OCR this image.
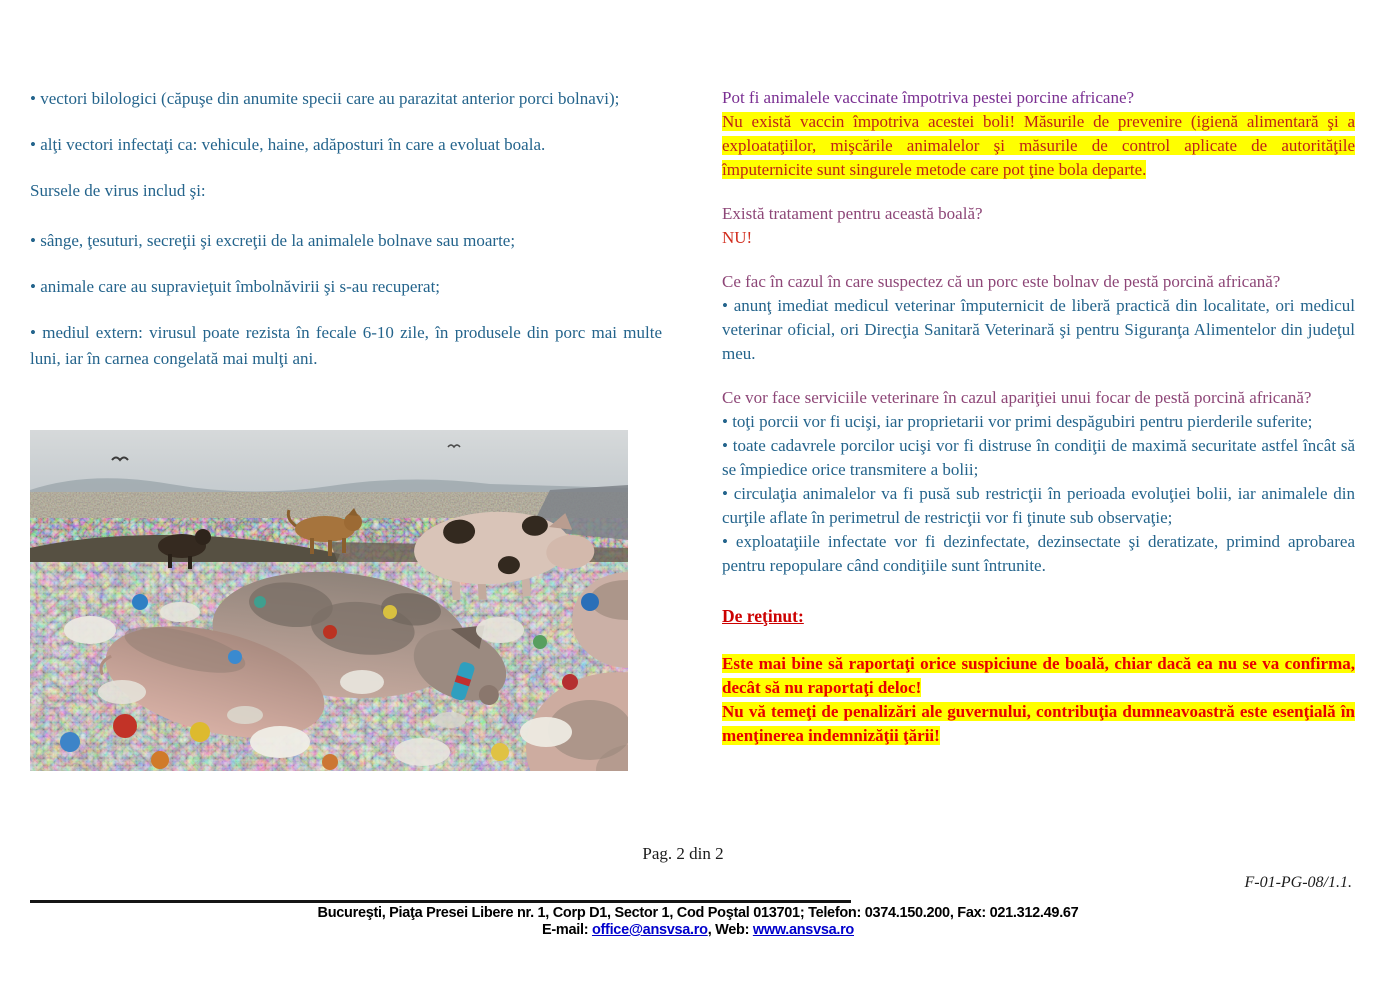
• vectori bilologici (căpuşe din anumite specii care au parazitat anterior porci bolnavi);

• alţi vectori infectaţi ca: vehicule, haine, adăposturi în care a evoluat boala.

Sursele de virus includ şi:

• sânge, ţesuturi, secreţii şi excreţii de la animalele bolnave sau moarte;

• animale care au supravieţuit îmbolnăvirii şi s-au recuperat;

• mediul extern: virusul poate rezista în fecale 6-10 zile, în produsele din porc mai multe luni, iar în carnea congelată mai mulţi ani.

Pot fi animalele vaccinate împotriva pestei porcine africane?

Nu există vaccin împotriva acestei boli! Măsurile de prevenire (igienă alimentară şi a exploataţiilor, mişcările animalelor şi măsurile de control aplicate de autorităţile împuternicite sunt singurele metode care pot ţine bola departe.

Există tratament pentru această boală?

NU!

Ce fac în cazul în care suspectez că un porc este bolnav de pestă porcină africană?

• anunţ imediat medicul veterinar împuternicit de liberă practică din localitate, ori medicul veterinar oficial, ori Direcţia Sanitară Veterinară şi pentru Siguranţa Alimentelor din judeţul meu.

Ce vor face serviciile veterinare în cazul apariţiei unui focar de pestă porcină africană?

• toţi porcii vor fi ucişi, iar proprietarii vor primi despăgubiri pentru pierderile suferite;

• toate cadavrele porcilor ucişi vor fi distruse în condiţii de maximă securitate astfel încât să se împiedice orice transmitere a bolii;

• circulaţia animalelor va fi pusă sub restricţii în perioada evoluţiei bolii, iar animalele din curţile aflate în perimetrul de restricţii vor fi ţinute sub observaţie;

• exploataţiile infectate vor fi dezinfectate, dezinsectate şi deratizate, primind aprobarea pentru repopulare când condiţiile sunt întrunite.

De reţinut:

Este mai bine să raportaţi orice suspiciune de boală, chiar dacă ea nu se va confirma, decât să nu raportaţi deloc!

Nu vă temeţi de penalizări ale guvernului, contribuţia dumneavoastră este esenţială în menţinerea indemnizăţii ţării!

Pag. 2 din 2

F-01-PG-08/1.1.

Bucureşti, Piaţa Presei Libere nr. 1, Corp D1, Sector 1, Cod Poştal 013701; Telefon: 0374.150.200, Fax: 021.312.49.67

E-mail: office@ansvsa.ro, Web: www.ansvsa.ro
